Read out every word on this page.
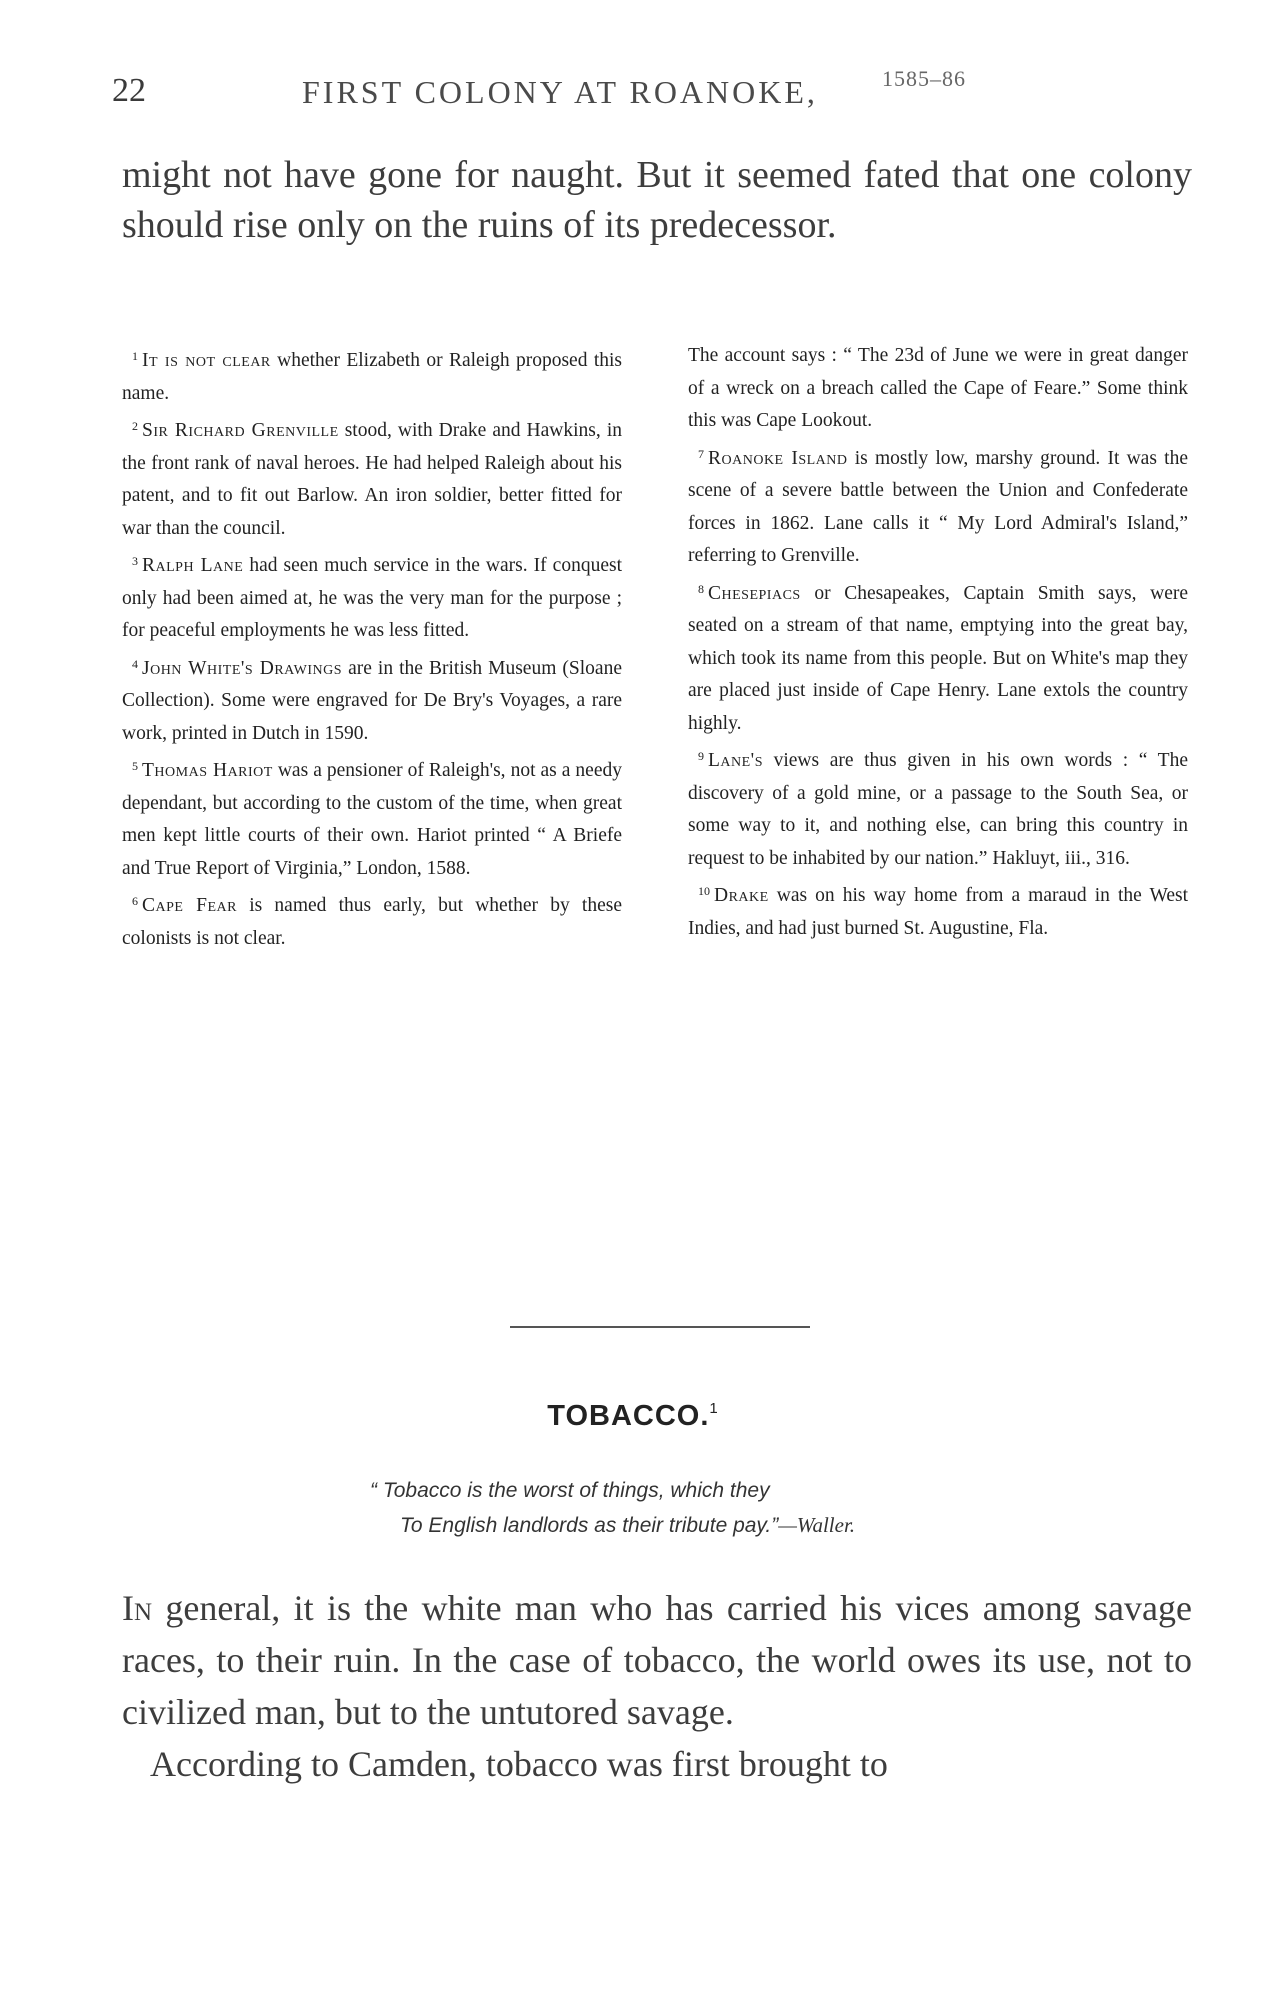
22	FIRST COLONY AT ROANOKE,	1585–86

might not have gone for naught. But it seemed fated that one colony should rise only on the ruins of its predecessor.

$^1$ It is not clear whether Elizabeth or Raleigh proposed this name.

$^2$ Sir Richard Grenville stood, with Drake and Hawkins, in the front rank of naval heroes. He had helped Raleigh about his patent, and to fit out Barlow. An iron soldier, better fitted for war than the council.

$^3$ Ralph Lane had seen much service in the wars. If conquest only had been aimed at, he was the very man for the purpose ; for peaceful employments he was less fitted.

$^4$ John White's Drawings are in the British Museum (Sloane Collection). Some were engraved for De Bry's Voyages, a rare work, printed in Dutch in 1590.

$^5$ Thomas Hariot was a pensioner of Raleigh's, not as a needy dependant, but according to the custom of the time, when great men kept little courts of their own. Hariot printed “ A Briefe and True Report of Virginia,” London, 1588.

$^6$ Cape Fear is named thus early, but whether by these colonists is not clear.

The account says : “ The 23d of June we were in great danger of a wreck on a breach called the Cape of Feare.” Some think this was Cape Lookout.

$^7$ Roanoke Island is mostly low, marshy ground. It was the scene of a severe battle between the Union and Confederate forces in 1862. Lane calls it “ My Lord Admiral's Island,” referring to Grenville.

$^8$ Chesepiacs or Chesapeakes, Captain Smith says, were seated on a stream of that name, emptying into the great bay, which took its name from this people. But on White's map they are placed just inside of Cape Henry. Lane extols the country highly.

$^9$ Lane's views are thus given in his own words : “ The discovery of a gold mine, or a passage to the South Sea, or some way to it, and nothing else, can bring this country in request to be inhabited by our nation.” Hakluyt, iii., 316.

$^{10}$ Drake was on his way home from a maraud in the West Indies, and had just burned St. Augustine, Fla.

TOBACCO.$^1$
“ Tobacco is the worst of things, which they
To English landlords as their tribute pay.”—Waller.

In general, it is the white man who has carried his vices among savage races, to their ruin. In the case of tobacco, the world owes its use, not to civilized man, but to the untutored savage.

According to Camden, tobacco was first brought to
